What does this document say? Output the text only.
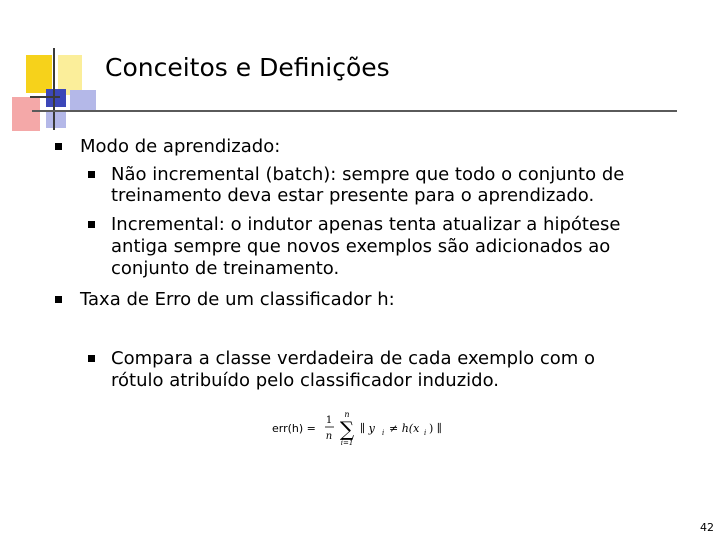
Conceitos e Definições
Modo de aprendizado:
Não incremental (batch): sempre que todo o conjunto de
treinamento deva estar presente para o aprendizado.
Incremental: o indutor apenas tenta atualizar a hipótese
antiga sempre que novos exemplos são adicionados ao
conjunto de treinamento.
Taxa de Erro de um classificador h:
Compara a classe verdadeira de cada exemplo com o
rótulo atribuído pelo classificador induzido.
err(h) =
1
n
n
∑
i=1
∥ y i ≠ h(x i ) ∥
42
